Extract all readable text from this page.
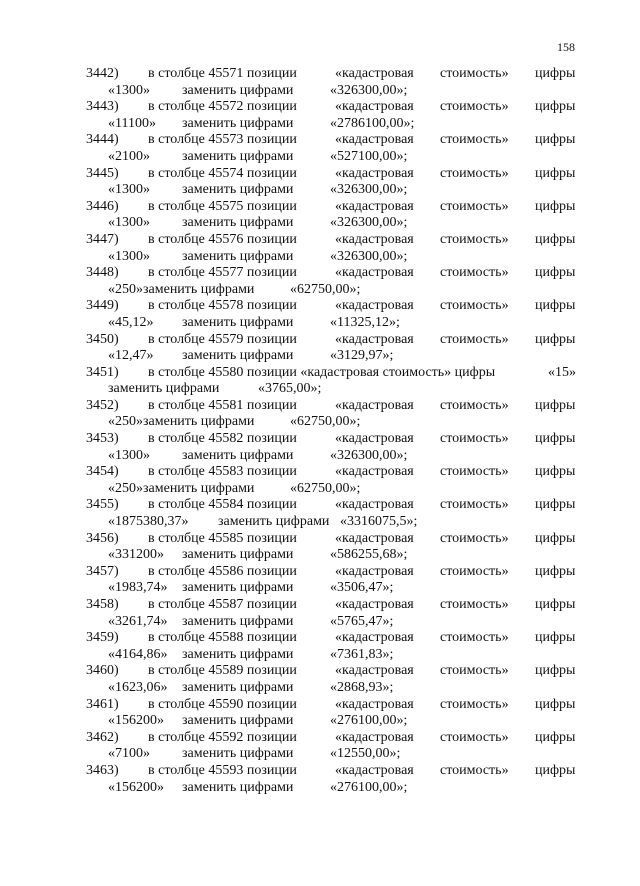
158
3442) в столбце 45571 позиции	«кадастровая стоимость» цифры
«1300» заменить цифрами	«326300,00»;
3443) в столбце 45572 позиции	«кадастровая стоимость» цифры
«11100» заменить цифрами	«2786100,00»;
3444) в столбце 45573 позиции	«кадастровая стоимость» цифры
«2100» заменить цифрами	«527100,00»;
3445) в столбце 45574 позиции	«кадастровая стоимость» цифры
«1300» заменить цифрами	«326300,00»;
3446) в столбце 45575 позиции	«кадастровая стоимость» цифры
«1300» заменить цифрами	«326300,00»;
3447) в столбце 45576 позиции	«кадастровая стоимость» цифры
«1300» заменить цифрами	«326300,00»;
3448) в столбце 45577 позиции	«кадастровая стоимость» цифры
«250»заменить цифрами	«62750,00»;
3449) в столбце 45578 позиции	«кадастровая стоимость» цифры
«45,12» заменить цифрами	«11325,12»;
3450) в столбце 45579 позиции	«кадастровая стоимость» цифры
«12,47» заменить цифрами	«3129,97»;
3451) в столбце 45580 позиции «кадастровая стоимость» цифры	«15»
заменить цифрами	«3765,00»;
3452) в столбце 45581 позиции	«кадастровая стоимость» цифры
«250»заменить цифрами	«62750,00»;
3453) в столбце 45582 позиции	«кадастровая стоимость» цифры
«1300» заменить цифрами	«326300,00»;
3454) в столбце 45583 позиции	«кадастровая стоимость» цифры
«250»заменить цифрами	«62750,00»;
3455) в столбце 45584 позиции	«кадастровая стоимость» цифры
«1875380,37» заменить цифрами «3316075,5»;
3456) в столбце 45585 позиции	«кадастровая стоимость» цифры
«331200» заменить цифрами	«586255,68»;
3457) в столбце 45586 позиции	«кадастровая стоимость» цифры
«1983,74» заменить цифрами	«3506,47»;
3458) в столбце 45587 позиции	«кадастровая стоимость» цифры
«3261,74» заменить цифрами	«5765,47»;
3459) в столбце 45588 позиции	«кадастровая стоимость» цифры
«4164,86» заменить цифрами	«7361,83»;
3460) в столбце 45589 позиции	«кадастровая стоимость» цифры
«1623,06» заменить цифрами	«2868,93»;
3461) в столбце 45590 позиции	«кадастровая стоимость» цифры
«156200» заменить цифрами	«276100,00»;
3462) в столбце 45592 позиции	«кадастровая стоимость» цифры
«7100» заменить цифрами	«12550,00»;
3463) в столбце 45593 позиции	«кадастровая стоимость» цифры
«156200» заменить цифрами	«276100,00»;
